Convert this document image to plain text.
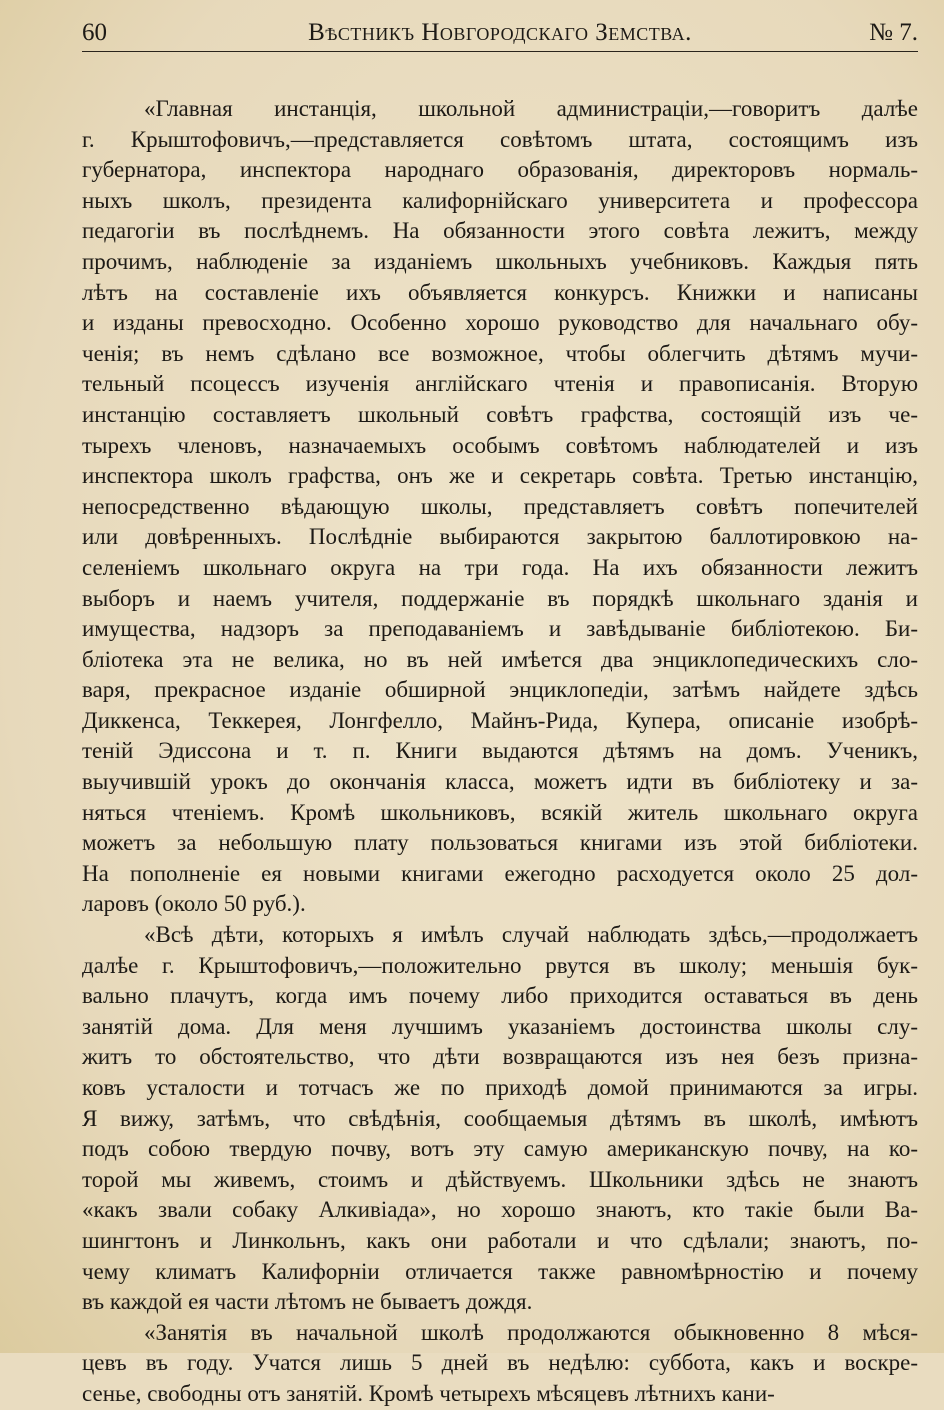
60	Вѣстникъ Новгородскаго Земства.	№ 7.
«Главная инстанція, школьной администраціи,—говоритъ далѣе
г. Крыштофовичъ,—представляется совѣтомъ штата, состоящимъ изъ
губернатора, инспектора народнаго образованія, директоровъ нормаль-
ныхъ школъ, президента калифорнійскаго университета и профессора
педагогіи въ послѣднемъ. На обязанности этого совѣта лежитъ, между
прочимъ, наблюденіе за изданіемъ школьныхъ учебниковъ. Каждыя пять
лѣтъ на составленіе ихъ объявляется конкурсъ. Книжки и написаны
и изданы превосходно. Особенно хорошо руководство для начальнаго обу-
ченія; въ немъ сдѣлано все возможное, чтобы облегчить дѣтямъ мучи-
тельный псоцессъ изученія англійскаго чтенія и правописанія. Вторую
инстанцію составляетъ школьный совѣтъ графства, состоящій изъ че-
тырехъ членовъ, назначаемыхъ особымъ совѣтомъ наблюдателей и изъ
инспектора школъ графства, онъ же и секретарь совѣта. Третью инстанцію,
непосредственно вѣдающую школы, представляетъ совѣтъ попечителей
или довѣренныхъ. Послѣдніе выбираются закрытою баллотировкою на-
селеніемъ школьнаго округа на три года. На ихъ обязанности лежитъ
выборъ и наемъ учителя, поддержаніе въ порядкѣ школьнаго зданія и
имущества, надзоръ за преподаваніемъ и завѣдываніе библіотекою. Би-
бліотека эта не велика, но въ ней имѣется два энциклопедическихъ сло-
варя, прекрасное изданіе обширной энциклопедіи, затѣмъ найдете здѣсь
Диккенса, Теккерея, Лонгфелло, Майнъ-Рида, Купера, описаніе изобрѣ-
теній Эдиссона и т. п. Книги выдаются дѣтямъ на домъ. Ученикъ,
выучившій урокъ до окончанія класса, можетъ идти въ библіотеку и за-
няться чтеніемъ. Кромѣ школьниковъ, всякій житель школьнаго округа
можетъ за небольшую плату пользоваться книгами изъ этой библіотеки.
На пополненіе ея новыми книгами ежегодно расходуется около 25 дол-
ларовъ (около 50 руб.).
«Всѣ дѣти, которыхъ я имѣлъ случай наблюдать здѣсь,—продолжаетъ
далѣе г. Крыштофовичъ,—положительно рвутся въ школу; меньшія бук-
вально плачутъ, когда имъ почему либо приходится оставаться въ день
занятій дома. Для меня лучшимъ указаніемъ достоинства школы слу-
житъ то обстоятельство, что дѣти возвращаются изъ нея безъ призна-
ковъ усталости и тотчасъ же по приходѣ домой принимаются за игры.
Я вижу, затѣмъ, что свѣдѣнія, сообщаемыя дѣтямъ въ школѣ, имѣютъ
подъ собою твердую почву, вотъ эту самую американскую почву, на ко-
торой мы живемъ, стоимъ и дѣйствуемъ. Школьники здѣсь не знаютъ
«какъ звали собаку Алкивіада», но хорошо знаютъ, кто такіе были Ва-
шингтонъ и Линкольнъ, какъ они работали и что сдѣлали; знаютъ, по-
чему климатъ Калифорніи отличается также равномѣрностію и почему
въ каждой ея части лѣтомъ не бываетъ дождя.
«Занятія въ начальной школѣ продолжаются обыкновенно 8 мѣся-
цевъ въ году. Учатся лишь 5 дней въ недѣлю: суббота, какъ и воскре-
сенье, свободны отъ занятій. Кромѣ четырехъ мѣсяцевъ лѣтнихъ кани-
